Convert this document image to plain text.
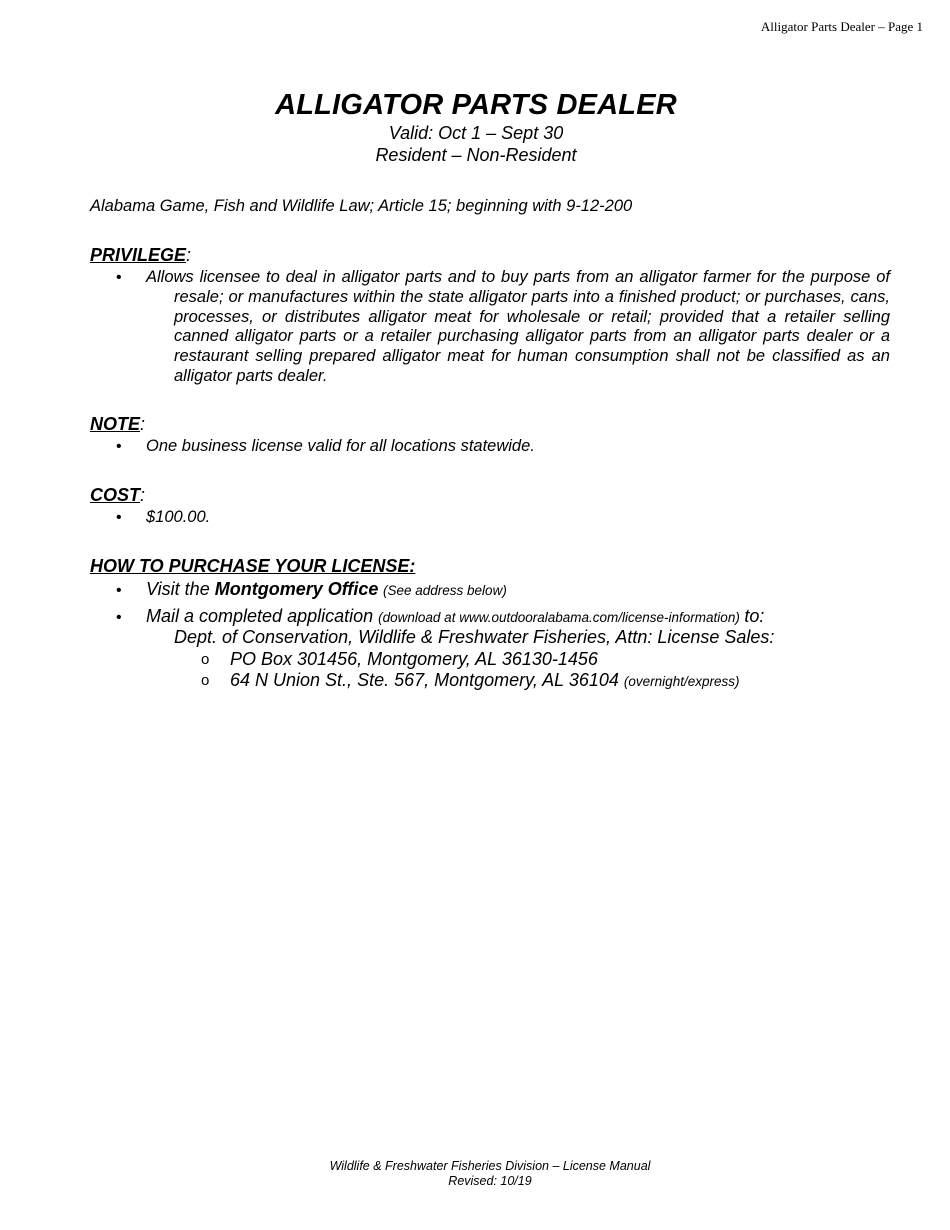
Alligator Parts Dealer – Page 1
ALLIGATOR PARTS DEALER
Valid: Oct 1 – Sept 30
Resident – Non-Resident
Alabama Game, Fish and Wildlife Law; Article 15; beginning with 9-12-200
PRIVILEGE:
• Allows licensee to deal in alligator parts and to buy parts from an alligator farmer for the purpose of resale; or manufactures within the state alligator parts into a finished product; or purchases, cans, processes, or distributes alligator meat for wholesale or retail; provided that a retailer selling canned alligator parts or a retailer purchasing alligator parts from an alligator parts dealer or a restaurant selling prepared alligator meat for human consumption shall not be classified as an alligator parts dealer.

NOTE:
• One business license valid for all locations statewide.
COST:
• $100.00.
HOW TO PURCHASE YOUR LICENSE:
• Visit the Montgomery Office (See address below)
• Mail a completed application (download at www.outdooralabama.com/license-information) to:
Dept. of Conservation, Wildlife & Freshwater Fisheries, Attn: License Sales:
o PO Box 301456, Montgomery, AL 36130-1456
o 64 N Union St., Ste. 567, Montgomery, AL 36104 (overnight/express)
Wildlife & Freshwater Fisheries Division – License Manual
Revised: 10/19
